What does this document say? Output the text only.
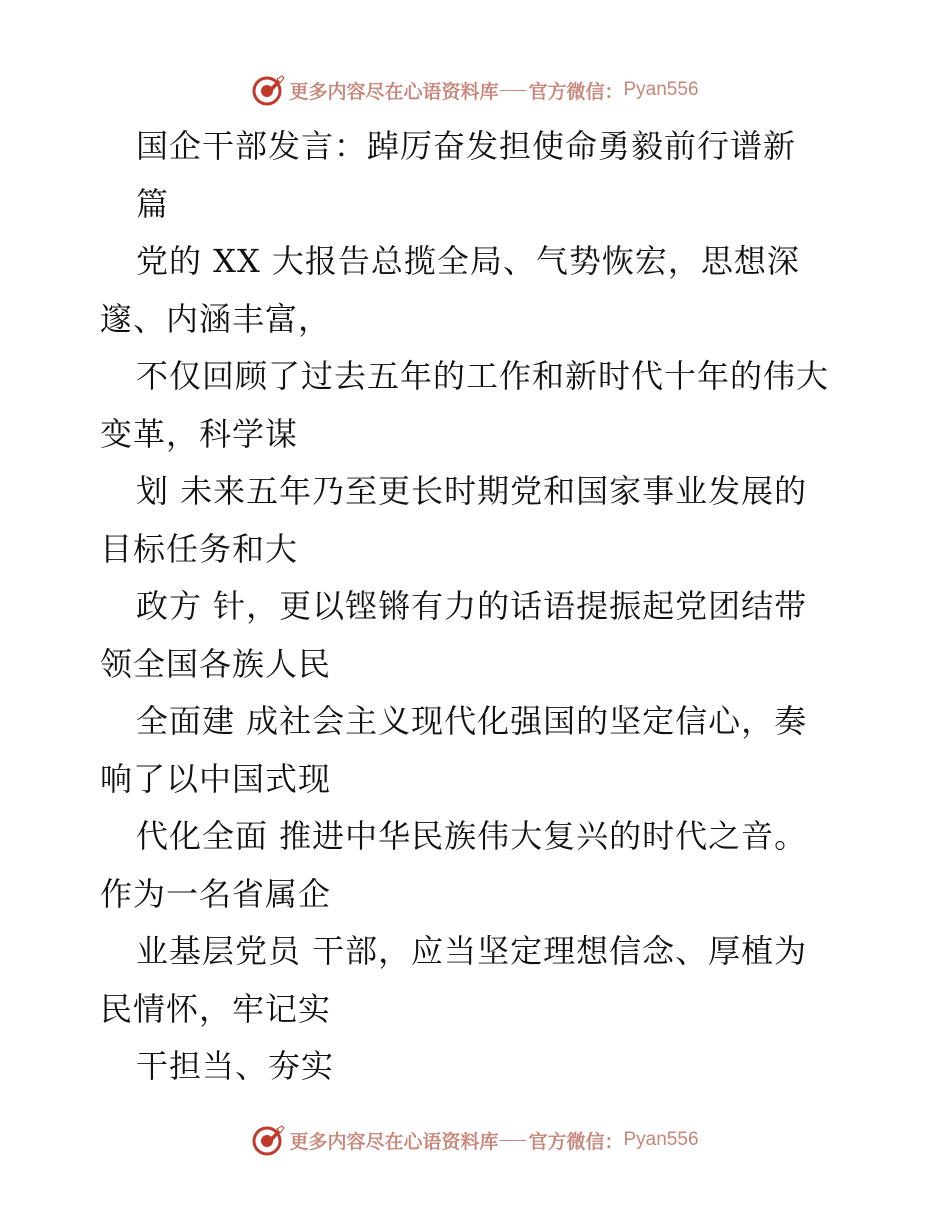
更多内容尽在心语资料库 官方微信： Pyan556
国企干部发言：踔厉奋发担使命勇毅前行谱新
篇
党的 XX 大报告总揽全局、气势恢宏，思想深
邃、内涵丰富，
不仅回顾了过去五年的工作和新时代十年的伟大
变革，科学谋
划 未来五年乃至更长时期党和国家事业发展的
目标任务和大
政方 针，更以铿锵有力的话语提振起党团结带
领全国各族人民
全面建 成社会主义现代化强国的坚定信心，奏
响了以中国式现
代化全面 推进中华民族伟大复兴的时代之音。
作为一名省属企
业基层党员 干部，应当坚定理想信念、厚植为
民情怀，牢记实
干担当、夯实
更多内容尽在心语资料库 官方微信： Pyan556
